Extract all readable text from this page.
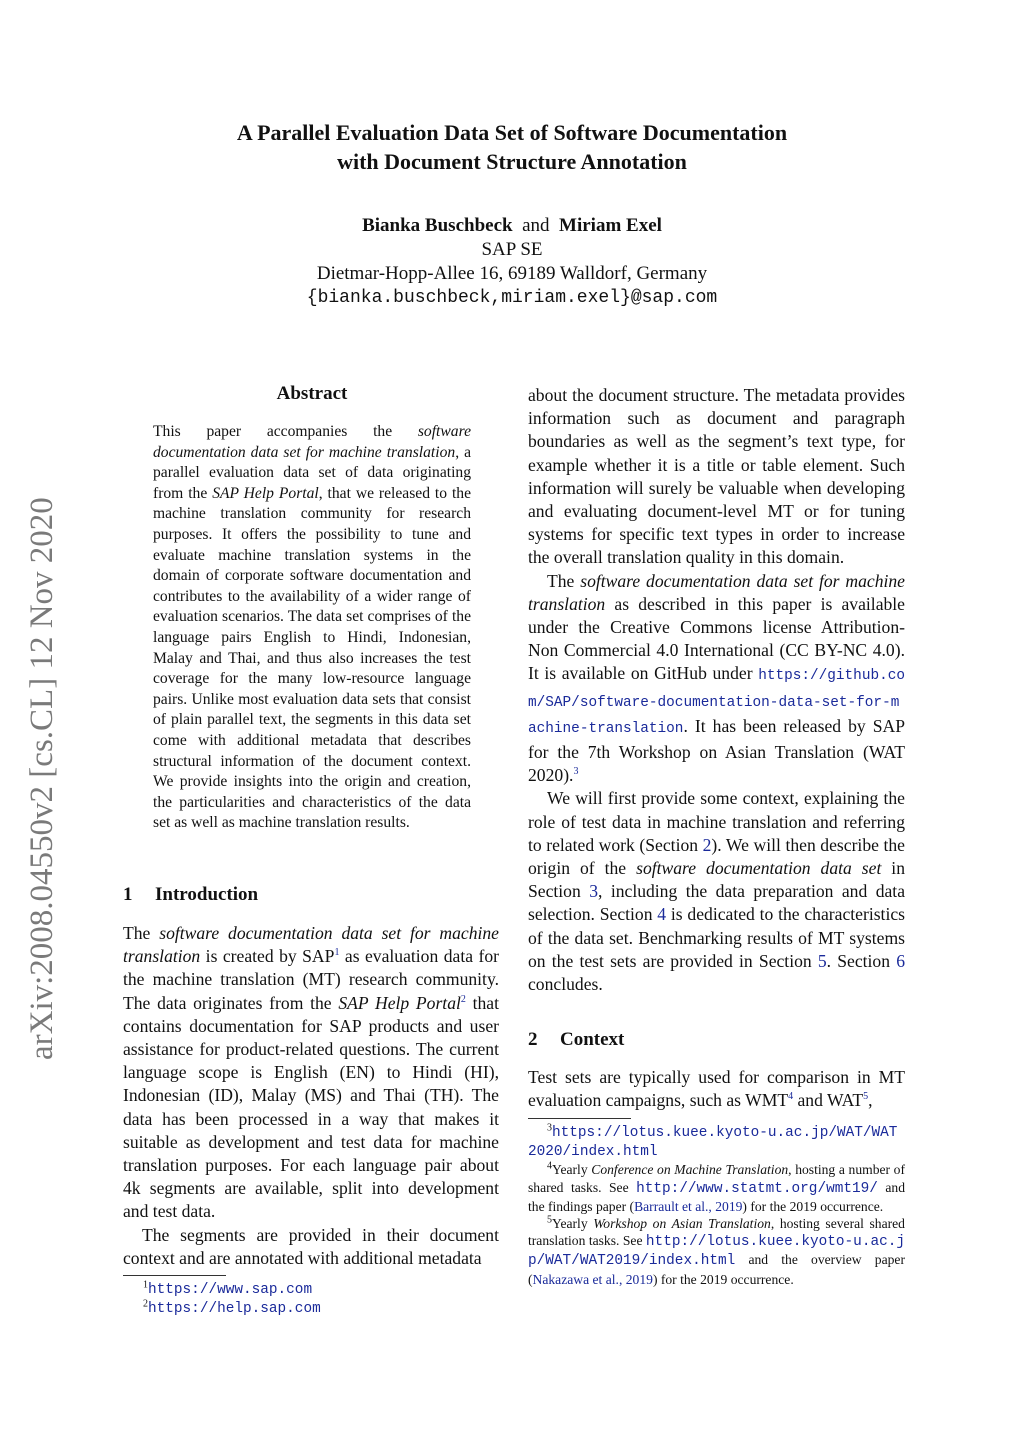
A Parallel Evaluation Data Set of Software Documentation
with Document Structure Annotation
Bianka Buschbeck and Miriam Exel
SAP SE
Dietmar-Hopp-Allee 16, 69189 Walldorf, Germany
{bianka.buschbeck,miriam.exel}@sap.com
arXiv:2008.04550v2 [cs.CL] 12 Nov 2020
Abstract
This paper accompanies the software documentation data set for machine translation, a parallel evaluation data set of data originating from the SAP Help Portal, that we released to the machine translation community for research purposes. It offers the possibility to tune and evaluate machine translation systems in the domain of corporate software documentation and contributes to the availability of a wider range of evaluation scenarios. The data set comprises of the language pairs English to Hindi, Indonesian, Malay and Thai, and thus also increases the test coverage for the many low-resource language pairs. Unlike most evaluation data sets that consist of plain parallel text, the segments in this data set come with additional metadata that describes structural information of the document context. We provide insights into the origin and creation, the particularities and characteristics of the data set as well as machine translation results.
1 Introduction

The software documentation data set for machine translation is created by SAP$^1$ as evaluation data for the machine translation (MT) research community. The data originates from the SAP Help Portal$^2$ that contains documentation for SAP products and user assistance for product-related questions. The current language scope is English (EN) to Hindi (HI), Indonesian (ID), Malay (MS) and Thai (TH). The data has been processed in a way that makes it suitable as development and test data for machine translation purposes. For each language pair about 4k segments are available, split into development and test data.

The segments are provided in their document context and are annotated with additional metadata

$^1$https://www.sap.com
$^2$https://help.sap.com

about the document structure. The metadata provides information such as document and paragraph boundaries as well as the segment’s text type, for example whether it is a title or table element. Such information will surely be valuable when developing and evaluating document-level MT or for tuning systems for specific text types in order to increase the overall translation quality in this domain.

The software documentation data set for machine translation as described in this paper is available under the Creative Commons license Attribution-Non Commercial 4.0 International (CC BY-NC 4.0). It is available on GitHub under https://github.com/SAP/software-documentation-data-set-for-machine-translation. It has been released by SAP for the 7th Workshop on Asian Translation (WAT 2020).$^3$

We will first provide some context, explaining the role of test data in machine translation and referring to related work (Section 2). We will then describe the origin of the software documentation data set in Section 3, including the data preparation and data selection. Section 4 is dedicated to the characteristics of the data set. Benchmarking results of MT systems on the test sets are provided in Section 5. Section 6 concludes.

2 Context

Test sets are typically used for comparison in MT evaluation campaigns, such as WMT$^4$ and WAT$^5$,

$^3$https://lotus.kuee.kyoto-u.ac.jp/WAT/WAT2020/index.html
$^4$Yearly Conference on Machine Translation, hosting a number of shared tasks. See http://www.statmt.org/wmt19/ and the findings paper (Barrault et al., 2019) for the 2019 occurrence.
$^5$Yearly Workshop on Asian Translation, hosting several shared translation tasks. See http://lotus.kuee.kyoto-u.ac.jp/WAT/WAT2019/index.html and the overview paper (Nakazawa et al., 2019) for the 2019 occurrence.
